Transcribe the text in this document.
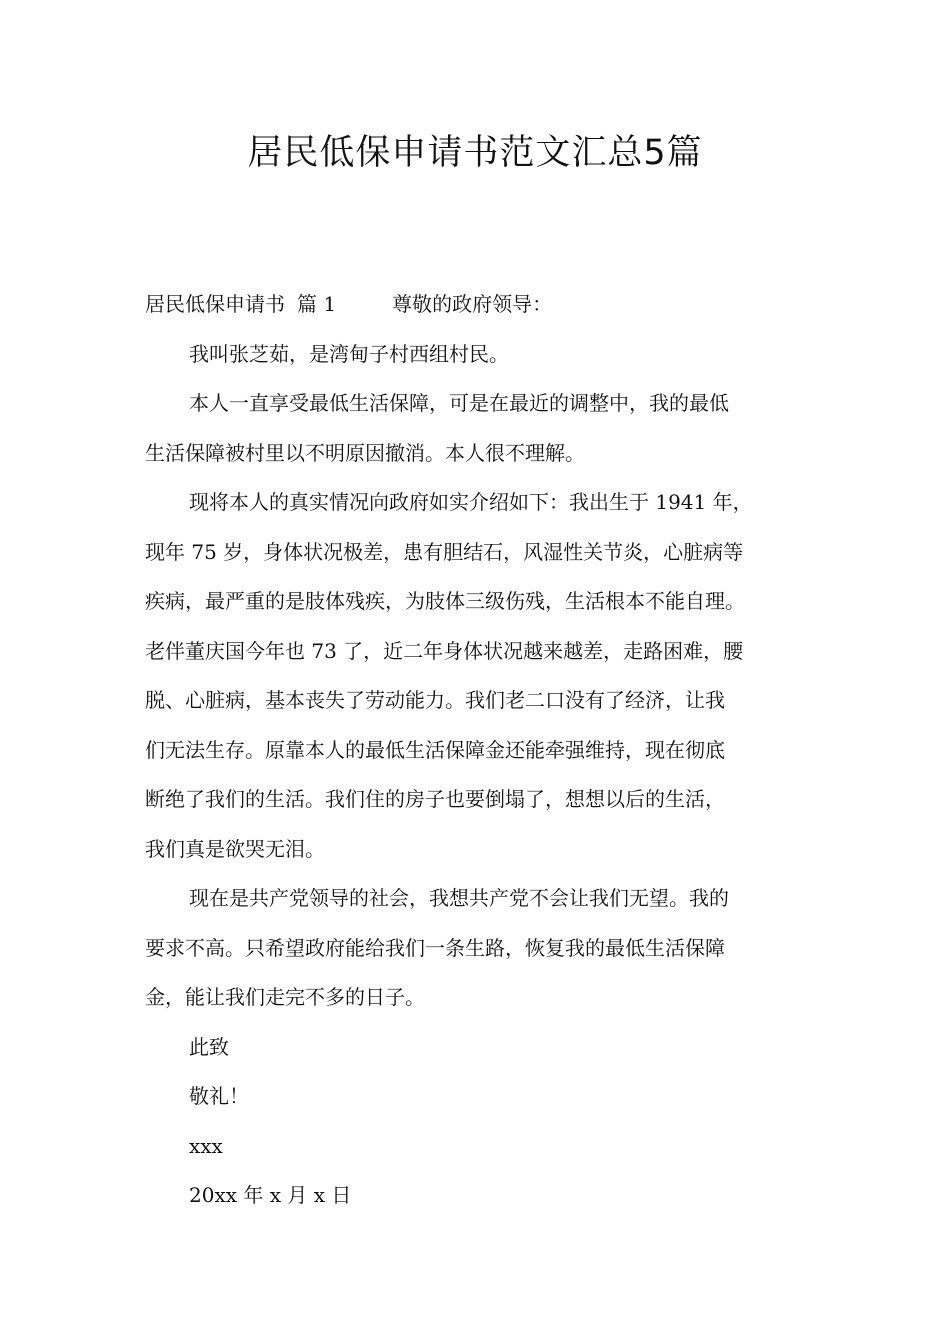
居民低保申请书范文汇总5篇
居民低保申请书 篇 1	尊敬的政府领导：
我叫张芝茹，是湾甸子村西组村民。
本人一直享受最低生活保障，可是在最近的调整中，我的最低
生活保障被村里以不明原因撤消。本人很不理解。
现将本人的真实情况向政府如实介绍如下：我出生于 1941 年，
现年 75 岁，身体状况极差，患有胆结石，风湿性关节炎，心脏病等
疾病，最严重的是肢体残疾，为肢体三级伤残，生活根本不能自理。
老伴董庆国今年也 73 了，近二年身体状况越来越差，走路困难，腰
脱、心脏病，基本丧失了劳动能力。我们老二口没有了经济，让我
们无法生存。原靠本人的最低生活保障金还能牵强维持，现在彻底
断绝了我们的生活。我们住的房子也要倒塌了，想想以后的生活，
我们真是欲哭无泪。
现在是共产党领导的社会，我想共产党不会让我们无望。我的
要求不高。只希望政府能给我们一条生路，恢复我的最低生活保障
金，能让我们走完不多的日子。
此致
敬礼！
xxx
20xx 年 x 月 x 日
